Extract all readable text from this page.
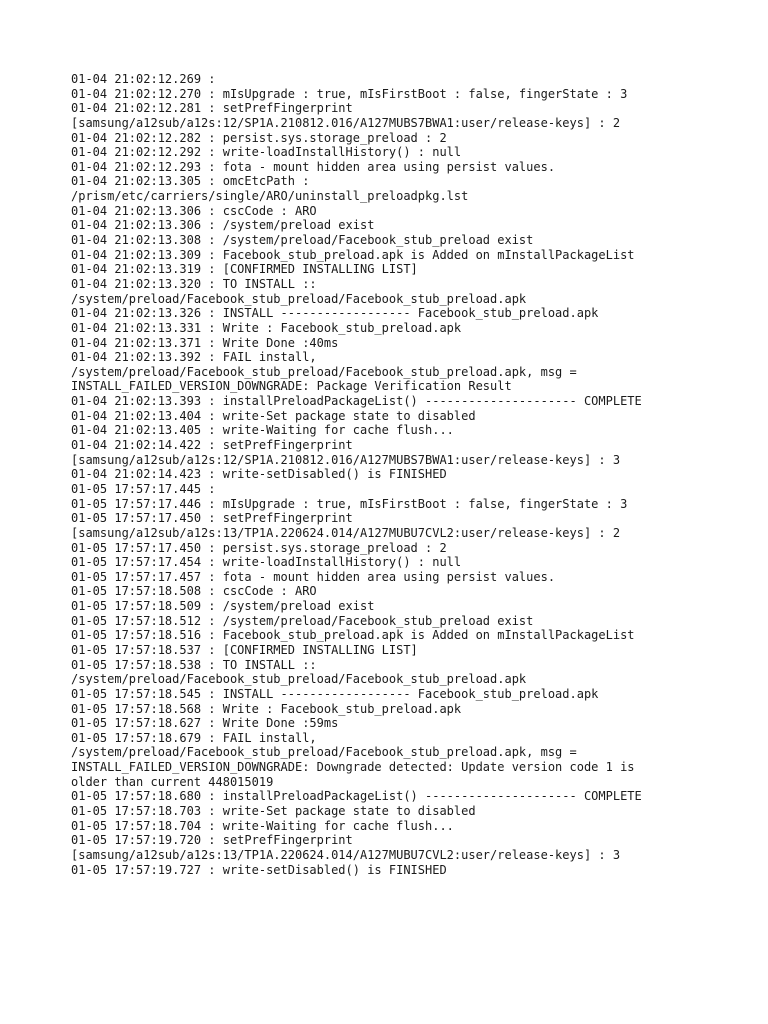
01-04 21:02:12.269 :
01-04 21:02:12.270 : mIsUpgrade : true, mIsFirstBoot : false, fingerState : 3
01-04 21:02:12.281 : setPrefFingerprint
[samsung/a12sub/a12s:12/SP1A.210812.016/A127MUBS7BWA1:user/release-keys] : 2
01-04 21:02:12.282 : persist.sys.storage_preload : 2
01-04 21:02:12.292 : write-loadInstallHistory() : null
01-04 21:02:12.293 : fota - mount hidden area using persist values.
01-04 21:02:13.305 : omcEtcPath :
/prism/etc/carriers/single/ARO/uninstall_preloadpkg.lst
01-04 21:02:13.306 : cscCode : ARO
01-04 21:02:13.306 : /system/preload exist
01-04 21:02:13.308 : /system/preload/Facebook_stub_preload exist
01-04 21:02:13.309 : Facebook_stub_preload.apk is Added on mInstallPackageList
01-04 21:02:13.319 : [CONFIRMED INSTALLING LIST]
01-04 21:02:13.320 : TO INSTALL ::
/system/preload/Facebook_stub_preload/Facebook_stub_preload.apk
01-04 21:02:13.326 : INSTALL ------------------ Facebook_stub_preload.apk
01-04 21:02:13.331 : Write : Facebook_stub_preload.apk
01-04 21:02:13.371 : Write Done :40ms
01-04 21:02:13.392 : FAIL install,
/system/preload/Facebook_stub_preload/Facebook_stub_preload.apk, msg =
INSTALL_FAILED_VERSION_DOWNGRADE: Package Verification Result
01-04 21:02:13.393 : installPreloadPackageList() --------------------- COMPLETE
01-04 21:02:13.404 : write-Set package state to disabled
01-04 21:02:13.405 : write-Waiting for cache flush...
01-04 21:02:14.422 : setPrefFingerprint
[samsung/a12sub/a12s:12/SP1A.210812.016/A127MUBS7BWA1:user/release-keys] : 3
01-04 21:02:14.423 : write-setDisabled() is FINISHED
01-05 17:57:17.445 :
01-05 17:57:17.446 : mIsUpgrade : true, mIsFirstBoot : false, fingerState : 3
01-05 17:57:17.450 : setPrefFingerprint
[samsung/a12sub/a12s:13/TP1A.220624.014/A127MUBU7CVL2:user/release-keys] : 2
01-05 17:57:17.450 : persist.sys.storage_preload : 2
01-05 17:57:17.454 : write-loadInstallHistory() : null
01-05 17:57:17.457 : fota - mount hidden area using persist values.
01-05 17:57:18.508 : cscCode : ARO
01-05 17:57:18.509 : /system/preload exist
01-05 17:57:18.512 : /system/preload/Facebook_stub_preload exist
01-05 17:57:18.516 : Facebook_stub_preload.apk is Added on mInstallPackageList
01-05 17:57:18.537 : [CONFIRMED INSTALLING LIST]
01-05 17:57:18.538 : TO INSTALL ::
/system/preload/Facebook_stub_preload/Facebook_stub_preload.apk
01-05 17:57:18.545 : INSTALL ------------------ Facebook_stub_preload.apk
01-05 17:57:18.568 : Write : Facebook_stub_preload.apk
01-05 17:57:18.627 : Write Done :59ms
01-05 17:57:18.679 : FAIL install,
/system/preload/Facebook_stub_preload/Facebook_stub_preload.apk, msg =
INSTALL_FAILED_VERSION_DOWNGRADE: Downgrade detected: Update version code 1 is
older than current 448015019
01-05 17:57:18.680 : installPreloadPackageList() --------------------- COMPLETE
01-05 17:57:18.703 : write-Set package state to disabled
01-05 17:57:18.704 : write-Waiting for cache flush...
01-05 17:57:19.720 : setPrefFingerprint
[samsung/a12sub/a12s:13/TP1A.220624.014/A127MUBU7CVL2:user/release-keys] : 3
01-05 17:57:19.727 : write-setDisabled() is FINISHED
